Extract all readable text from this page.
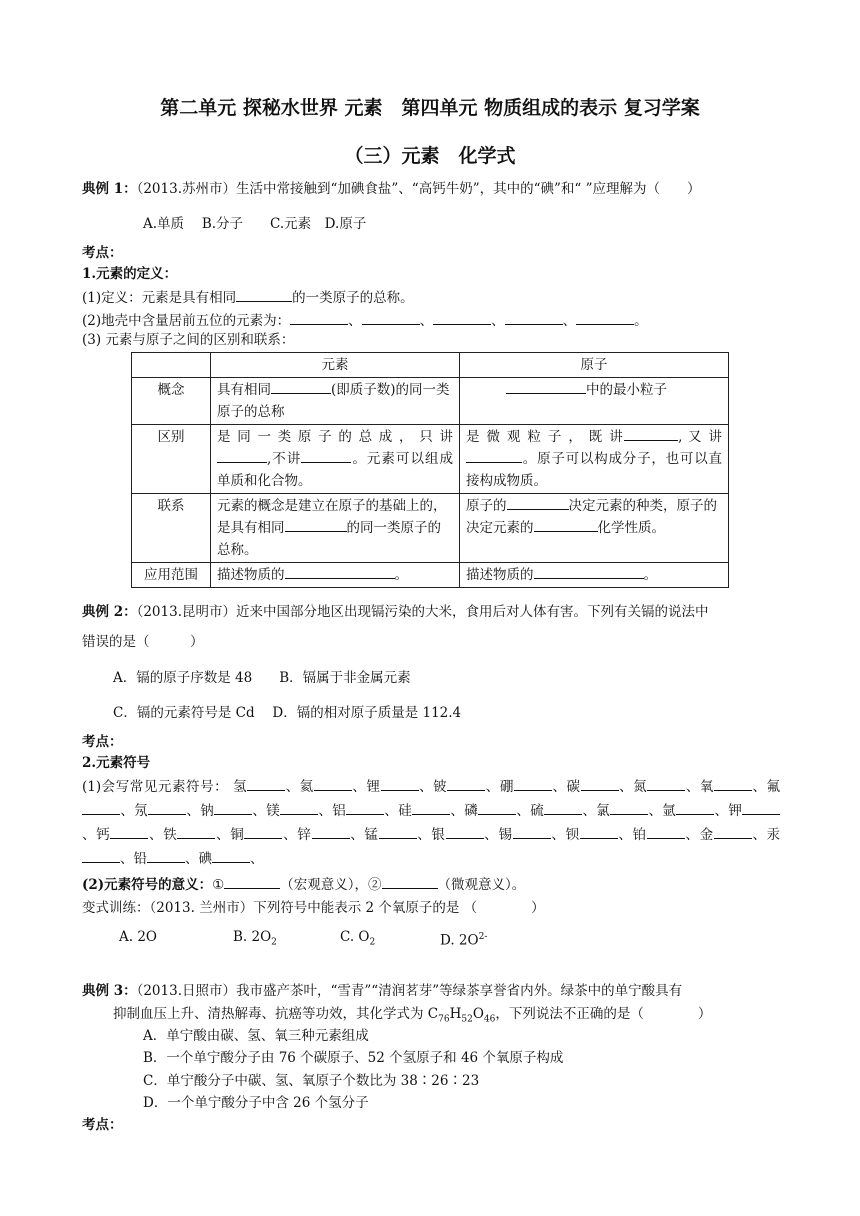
第二单元 探秘水世界 元素　第四单元 物质组成的表示 复习学案
（三）元素　化学式
典例 1：（2013.苏州市）生活中常接触到“加碘食盐”、“高钙牛奶”，其中的“碘”和“ ”应理解为（　　）
A.单质　 B.分子　　C.元素　D.原子
考点：
1.元素的定义：
(1)定义：元素是具有相同	的一类原子的总称。
(2)地壳中含量居前五位的元素为：	、	、	、	、	。
(3) 元素与原子之间的区别和联系：
	元素	原子
概念	具有相同 (即质子数)的同一类原子的总称	中的最小粒子
区别	是 同 一 类 原 子 的 总 成 ， 只 讲 ,不讲 。元素可以组成单质和化合物。	是 微 观 粒 子 ， 既 讲 , 又 讲 。原子可以构成分子，也可以直接构成物质。
联系	元素的概念是建立在原子的基础上的，是具有相同 的同一类原子的总称。	原子的 决定元素的种类，原子的决定元素的 化学性质。
应用范围	描述物质的 。	描述物质的 。
典例 2：（2013.昆明市）近来中国部分地区出现镉污染的大米，食用后对人体有害。下列有关镉的说法中
错误的是（　　　）
A．镉的原子序数是 48　　B．镉属于非金属元素
C．镉的元素符号是 Cd　 D．镉的相对原子质量是 112.4
考点：
2.元素符号
(1)会写常见元素符号： 氢	、氦	、锂	、铍	、硼	、碳	、氮	、氧	、氟、氖	、钠	、镁	、铝	、硅	、磷	、硫	、氯	、氩	、钾、钙	、铁	、铜	、锌	、锰	、银	、锡	、钡	、铂	、金	、汞、铅	、碘	、
(2)元素符号的意义：①	（宏观意义），②	（微观意义）。
变式训练：（2013. 兰州市）下列符号中能表示 2 个氧原子的是 （　　　　）
A. 2O	B. $2O_2$	C. $O_2$	D. $2O^{2-}$
典例 3：（2013.日照市）我市盛产茶叶，“雪青”“清润茗芽”等绿茶享誉省内外。绿茶中的单宁酸具有
抑制血压上升、清热解毒、抗癌等功效，其化学式为 $C_{76}H_{52}O_{46}$，下列说法不正确的是（　　　　）
A．单宁酸由碳、氢、氧三种元素组成
B．一个单宁酸分子由 76 个碳原子、52 个氢原子和 46 个氧原子构成
C．单宁酸分子中碳、氢、氧原子个数比为 38∶26∶23
D．一个单宁酸分子中含 26 个氢分子
考点：
